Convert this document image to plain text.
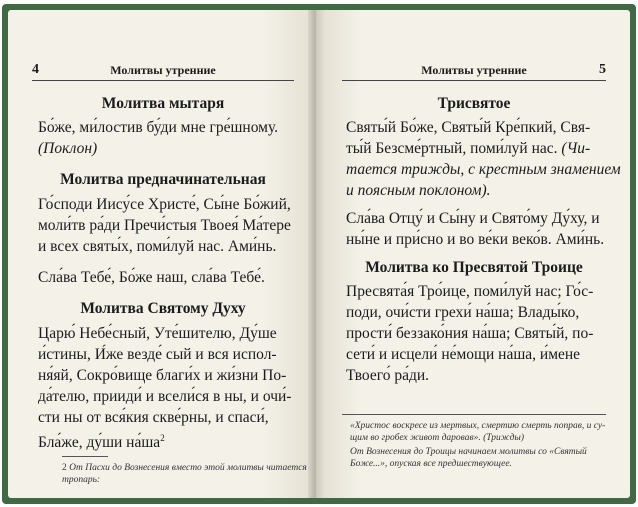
4	Молитвы утренние
Молитва мытаря
Бо́же, ми́лостив бу́ди мне гре́шному.
(Поклон)
Молитва предначинательная
Го́споди Иису́се Христе́, Сы́не Бо́жий,
моли́тв ра́ди Пречи́стыя Твоея́ Ма́тере
и всех святы́х, поми́луй нас. Ами́нь.
Сла́ва Тебе́, Бо́же наш, сла́ва Тебе́.
Молитва Святому Духу
Царю́ Небе́сный, Уте́шителю, Ду́ше
и́стины, И́же везде́ сый и вся испол-
ня́яй, Сокро́вище благи́х и жи́зни По-
да́телю, прииди́ и всели́ся в ны, и очи́-
сти ны от вся́кия скве́рны, и спаси́,
Бла́же, ду́ши $на́ша^2$
2 От Пасхи до Вознесения вместо этой молитвы читается
тропарь:
Молитвы утренние	5
Трисвятое
Святы́й Бо́же, Святы́й Кре́пкий, Свя-
ты́й Безсме́ртный, поми́луй нас. (Чи-
тается трижды, с крестным знамением
и поясным поклоном).
Сла́ва Отцу́ и Сы́ну и Свято́му Ду́ху, и
ны́не и при́сно и во ве́ки веко́в. Ами́нь.
Молитва ко Пресвятой Троице
Пресвята́я Тро́ице, поми́луй нас; Го́с-
поди, очи́сти грехи́ на́ша; Влады́ко,
прости́ беззако́ния на́ша; Святы́й, по-
сети́ и исцели́ не́мощи на́ша, и́мене
Твоего́ ра́ди.
«Христос воскресе из мертвых, смертию смерть поправ, и су-
щим во гробех живот даровав». (Трижды)
От Вознесения до Троицы начинаем молитвы со «Святый
Боже...», опуская все предшествующее.
